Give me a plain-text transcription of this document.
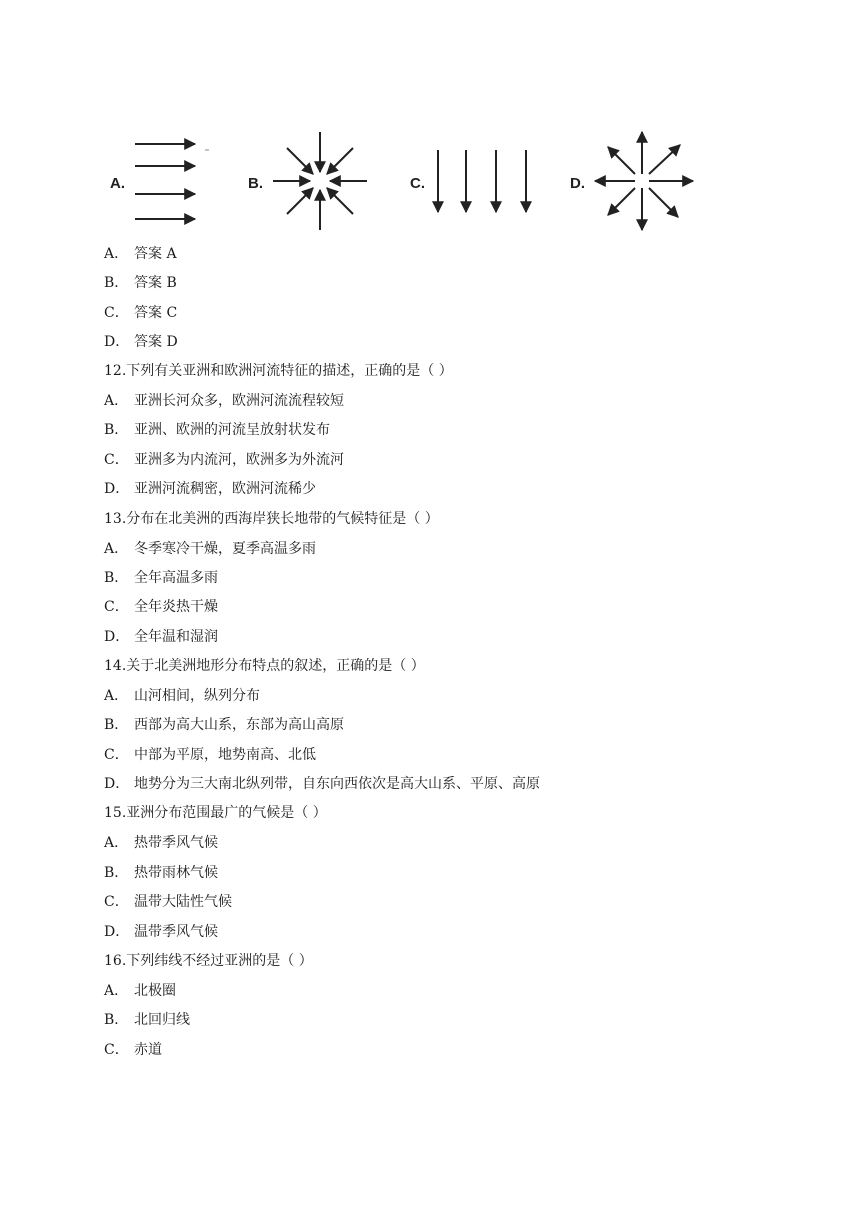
A.	B.	C.	D.
A． 答案 A
B． 答案 B
C． 答案 C
D． 答案 D
12.下列有关亚洲和欧洲河流特征的描述，正确的是（ ）
A． 亚洲长河众多，欧洲河流流程较短
B． 亚洲、欧洲的河流呈放射状发布
C． 亚洲多为内流河，欧洲多为外流河
D． 亚洲河流稠密，欧洲河流稀少
13.分布在北美洲的西海岸狭长地带的气候特征是（ ）
A． 冬季寒冷干燥，夏季高温多雨
B． 全年高温多雨
C． 全年炎热干燥
D． 全年温和湿润
14.关于北美洲地形分布特点的叙述，正确的是（ ）
A． 山河相间，纵列分布
B． 西部为高大山系，东部为高山高原
C． 中部为平原，地势南高、北低
D． 地势分为三大南北纵列带，自东向西依次是高大山系、平原、高原
15.亚洲分布范围最广的气候是（ ）
A． 热带季风气候
B． 热带雨林气候
C． 温带大陆性气候
D． 温带季风气候
16.下列纬线不经过亚洲的是（ ）
A． 北极圈
B． 北回归线
C． 赤道
